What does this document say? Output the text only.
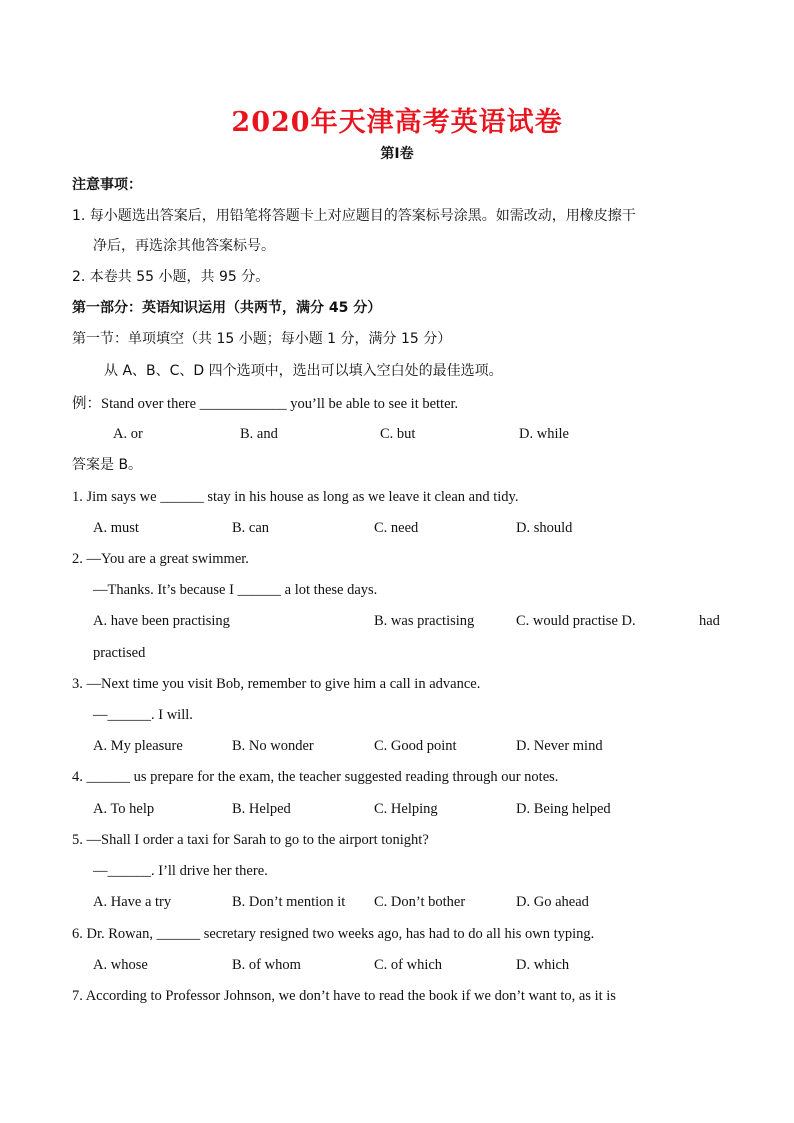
2020年天津高考英语试卷
第I卷
注意事项：
1. 每小题选出答案后，用铅笔将答题卡上对应题目的答案标号涂黑。如需改动，用橡皮擦干
净后，再选涂其他答案标号。
2. 本卷共 55 小题，共 95 分。
第一部分：英语知识运用（共两节，满分 45 分）
第一节：单项填空（共 15 小题；每小题 1 分，满分 15 分）
从 A、B、C、D 四个选项中，选出可以填入空白处的最佳选项。
例：Stand over there ____________ you’ll be able to see it better.
A. or	B. and	C. but	D. while
答案是 B。
1. Jim says we ______ stay in his house as long as we leave it clean and tidy.
A. must	B. can	C. need	D. should
2. —You are a great swimmer.
—Thanks. It’s because I ______ a lot these days.
A. have been practising	B. was practising	C. would practise D.	had
practised
3. —Next time you visit Bob, remember to give him a call in advance.
—______. I will.
A. My pleasure	B. No wonder	C. Good point	D. Never mind
4. ______ us prepare for the exam, the teacher suggested reading through our notes.
A. To help	B. Helped	C. Helping	D. Being helped
5. —Shall I order a taxi for Sarah to go to the airport tonight?
—______. I’ll drive her there.
A. Have a try	B. Don’t mention it C. Don’t bother	D. Go ahead
6. Dr. Rowan, ______ secretary resigned two weeks ago, has had to do all his own typing.
A. whose	B. of whom	C. of which	D. which
7. According to Professor Johnson, we don’t have to read the book if we don’t want to, as it is
